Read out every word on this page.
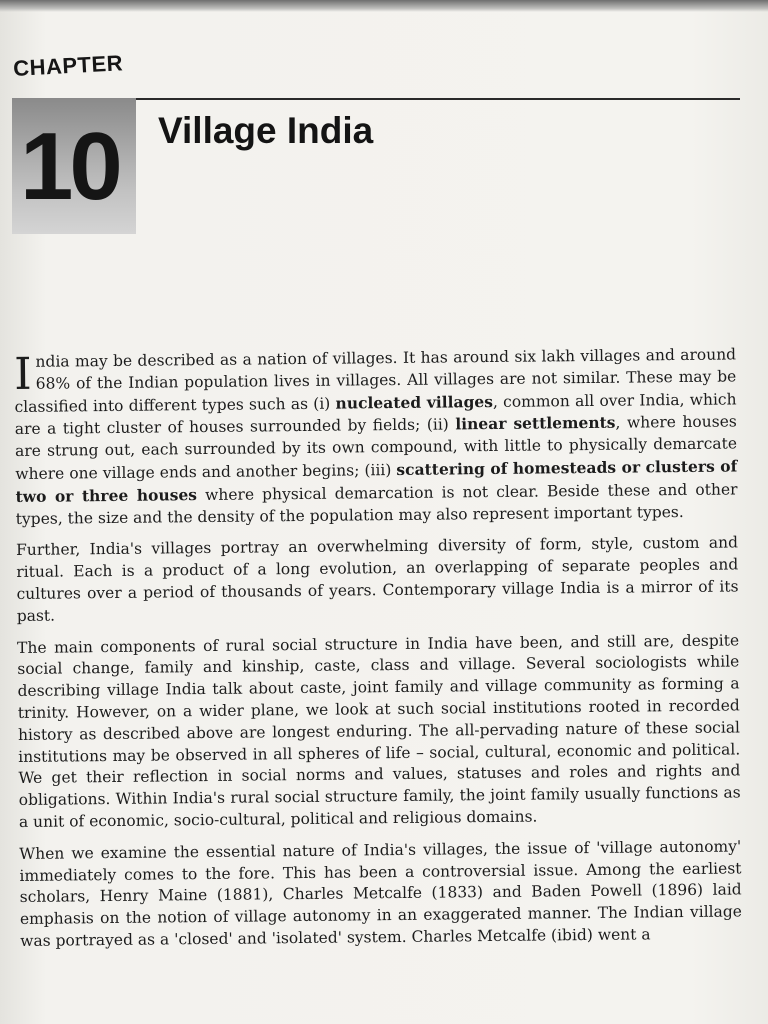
CHAPTER
10 Village India

India may be described as a nation of villages. It has around six lakh villages and around 68% of the Indian population lives in villages. All villages are not similar. These may be classified into different types such as (i) nucleated villages, common all over India, which are a tight cluster of houses surrounded by fields; (ii) linear settlements, where houses are strung out, each surrounded by its own compound, with little to physically demarcate where one village ends and another begins; (iii) scattering of homesteads or clusters of two or three houses where physical demarcation is not clear. Beside these and other types, the size and the density of the population may also represent important types.

Further, India's villages portray an overwhelming diversity of form, style, custom and ritual. Each is a product of a long evolution, an overlapping of separate peoples and cultures over a period of thousands of years. Contemporary village India is a mirror of its past.

The main components of rural social structure in India have been, and still are, despite social change, family and kinship, caste, class and village. Several sociologists while describing village India talk about caste, joint family and village community as forming a trinity. However, on a wider plane, we look at such social institutions rooted in recorded history as described above are longest enduring. The all-pervading nature of these social institutions may be observed in all spheres of life – social, cultural, economic and political. We get their reflection in social norms and values, statuses and roles and rights and obligations. Within India's rural social structure family, the joint family usually functions as a unit of economic, socio-cultural, political and religious domains.

When we examine the essential nature of India's villages, the issue of 'village autonomy' immediately comes to the fore. This has been a controversial issue. Among the earliest scholars, Henry Maine (1881), Charles Metcalfe (1833) and Baden Powell (1896) laid emphasis on the notion of village autonomy in an exaggerated manner. The Indian village was portrayed as a 'closed' and 'isolated' system. Charles Metcalfe (ibid) went a
